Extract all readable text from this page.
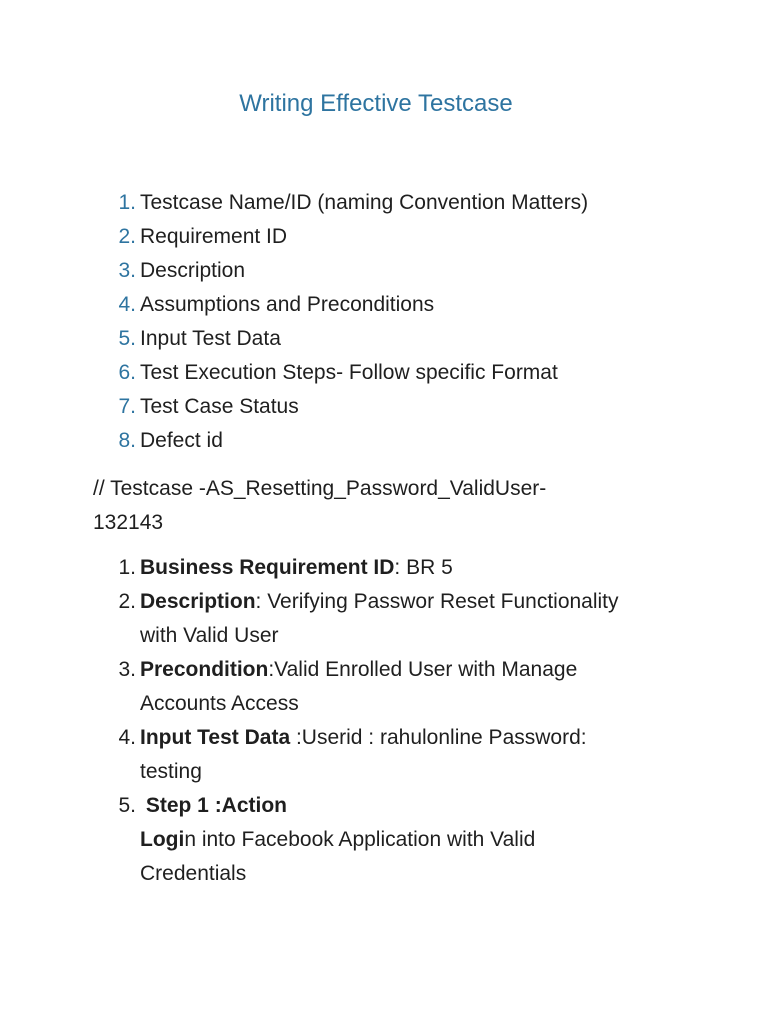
Writing Effective Testcase
1. Testcase Name/ID (naming Convention Matters)
2. Requirement ID
3. Description
4. Assumptions and Preconditions
5. Input Test Data
6. Test Execution Steps- Follow specific Format
7. Test Case Status
8. Defect id

// Testcase -AS_Resetting_Password_ValidUser-
132143

1. Business Requirement ID: BR 5
2. Description: Verifying Passwor Reset Functionality
with Valid User
3. Precondition:Valid Enrolled User with Manage
Accounts Access
4. Input Test Data :Userid : rahulonline Password:
testing
5. Step 1 :Action
Login into Facebook Application with Valid
Credentials
